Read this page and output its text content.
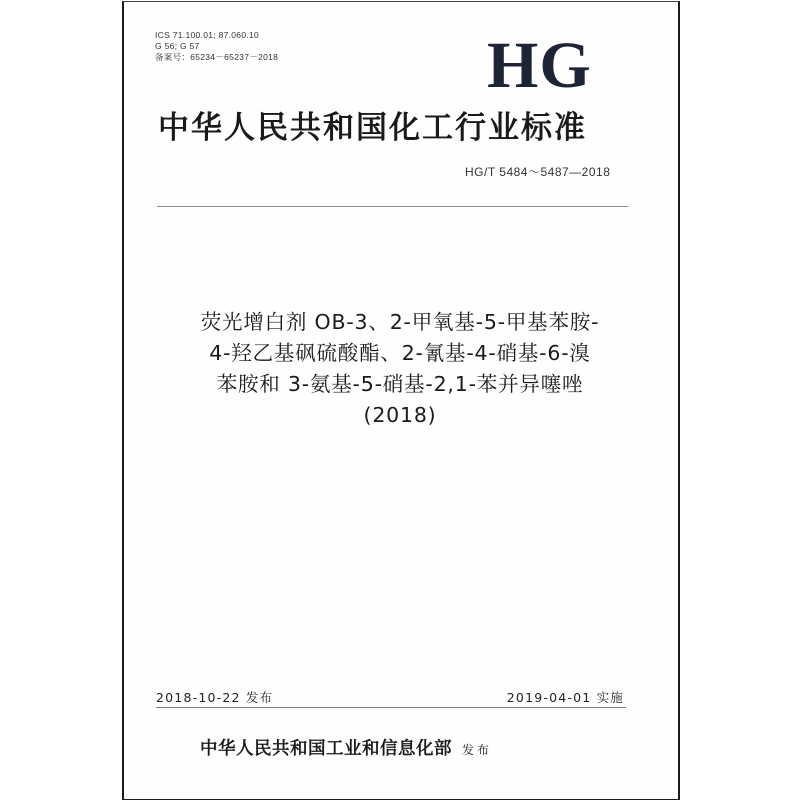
ICS 71.100.01; 87.060.10
G 56; G 57
备案号：65234－65237－2018	HG
中华人民共和国化工行业标准
HG/T 5484～5487—2018
荧光增白剂 OB-3、2-甲氧基-5-甲基苯胺-
4-羟乙基砜硫酸酯、2-氰基-4-硝基-6-溴
苯胺和 3-氨基-5-硝基-2,1-苯并异噻唑
(2018)
2018-10-22 发布	2019-04-01 实施
中华人民共和国工业和信息化部 发布
